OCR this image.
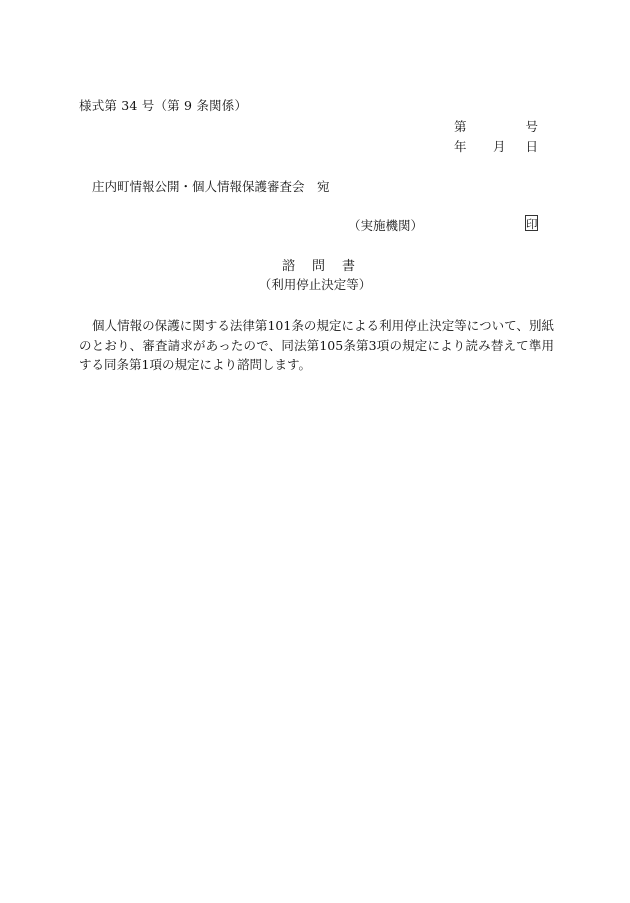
様式第 34 号（第 9 条関係）
第	号
年 月 日
庄内町情報公開・個人情報保護審査会　宛
（実施機関）	印
諮問書
（利用停止決定等）
個人情報の保護に関する法律第101条の規定による利用停止決定等について、別紙のとおり、審査請求があったので、同法第105条第3項の規定により読み替えて準用する同条第1項の規定により諮問します。
